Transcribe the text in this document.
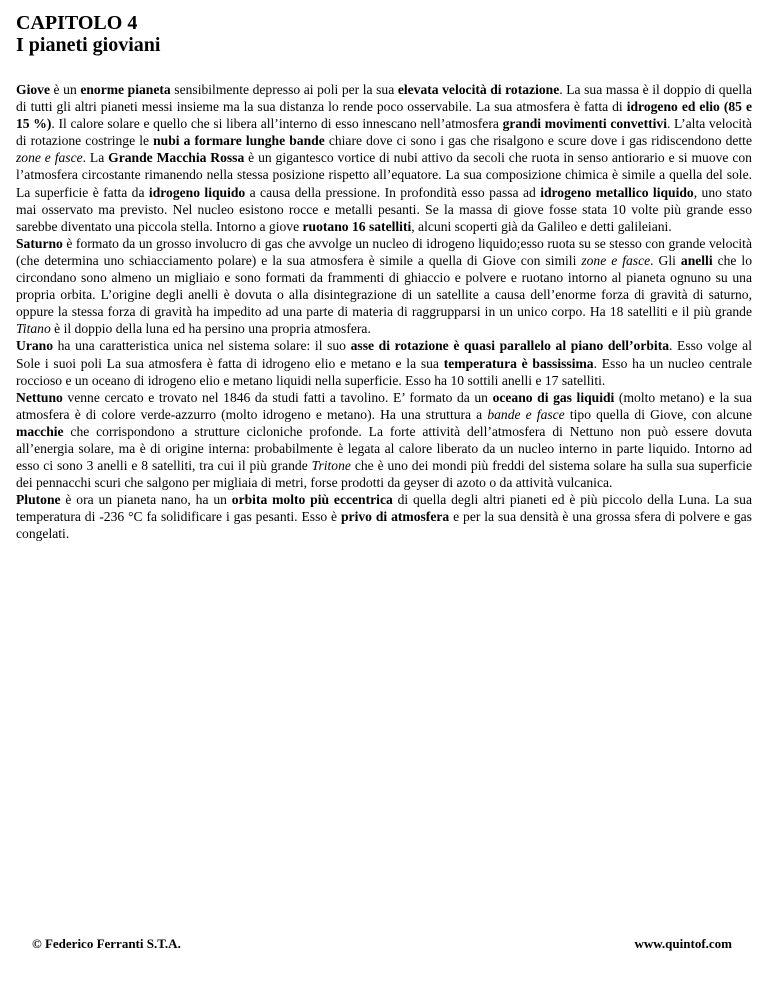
CAPITOLO 4

I pianeti gioviani

Giove è un enorme pianeta sensibilmente depresso ai poli per la sua elevata velocità di rotazione. La sua massa è il doppio di quella di tutti gli altri pianeti messi insieme ma la sua distanza lo rende poco osservabile. La sua atmosfera è fatta di idrogeno ed elio (85 e 15 %). Il calore solare e quello che si libera all’interno di esso innescano nell’atmosfera grandi movimenti convettivi. L’alta velocità di rotazione costringe le nubi a formare lunghe bande chiare dove ci sono i gas che risalgono e scure dove i gas ridiscendono dette zone e fasce. La Grande Macchia Rossa è un gigantesco vortice di nubi attivo da secoli che ruota in senso antiorario e si muove con l’atmosfera circostante rimanendo nella stessa posizione rispetto all’equatore. La sua composizione chimica è simile a quella del sole. La superficie è fatta da idrogeno liquido a causa della pressione. In profondità esso passa ad idrogeno metallico liquido, uno stato mai osservato ma previsto. Nel nucleo esistono rocce e metalli pesanti. Se la massa di giove fosse stata 10 volte più grande esso sarebbe diventato una piccola stella. Intorno a giove ruotano 16 satelliti, alcuni scoperti già da Galileo e detti galileiani.

Saturno è formato da un grosso involucro di gas che avvolge un nucleo di idrogeno liquido;esso ruota su se stesso con grande velocità (che determina uno schiacciamento polare) e la sua atmosfera è simile a quella di Giove con simili zone e fasce. Gli anelli che lo circondano sono almeno un migliaio e sono formati da frammenti di ghiaccio e polvere e ruotano intorno al pianeta ognuno su una propria orbita. L’origine degli anelli è dovuta o alla disintegrazione di un satellite a causa dell’enorme forza di gravità di saturno, oppure la stessa forza di gravità ha impedito ad una parte di materia di raggrupparsi in un unico corpo. Ha 18 satelliti e il più grande Titano è il doppio della luna ed ha persino una propria atmosfera.

Urano ha una caratteristica unica nel sistema solare: il suo asse di rotazione è quasi parallelo al piano dell’orbita. Esso volge al Sole i suoi poli La sua atmosfera è fatta di idrogeno elio e metano e la sua temperatura è bassissima. Esso ha un nucleo centrale roccioso e un oceano di idrogeno elio e metano liquidi nella superficie. Esso ha 10 sottili anelli e 17 satelliti.

Nettuno venne cercato e trovato nel 1846 da studi fatti a tavolino. E’ formato da un oceano di gas liquidi (molto metano) e la sua atmosfera è di colore verde-azzurro (molto idrogeno e metano). Ha una struttura a bande e fasce tipo quella di Giove, con alcune macchie che corrispondono a strutture cicloniche profonde. La forte attività dell’atmosfera di Nettuno non può essere dovuta all’energia solare, ma è di origine interna: probabilmente è legata al calore liberato da un nucleo interno in parte liquido. Intorno ad esso ci sono 3 anelli e 8 satelliti, tra cui il più grande Tritone che è uno dei mondi più freddi del sistema solare ha sulla sua superficie dei pennacchi scuri che salgono per migliaia di metri, forse prodotti da geyser di azoto o da attività vulcanica.

Plutone è ora un pianeta nano, ha un orbita molto più eccentrica di quella degli altri pianeti ed è più piccolo della Luna. La sua temperatura di -236 °C fa solidificare i gas pesanti. Esso è privo di atmosfera e per la sua densità è una grossa sfera di polvere e gas congelati.

© Federico Ferranti S.T.A.	www.quintof.com
